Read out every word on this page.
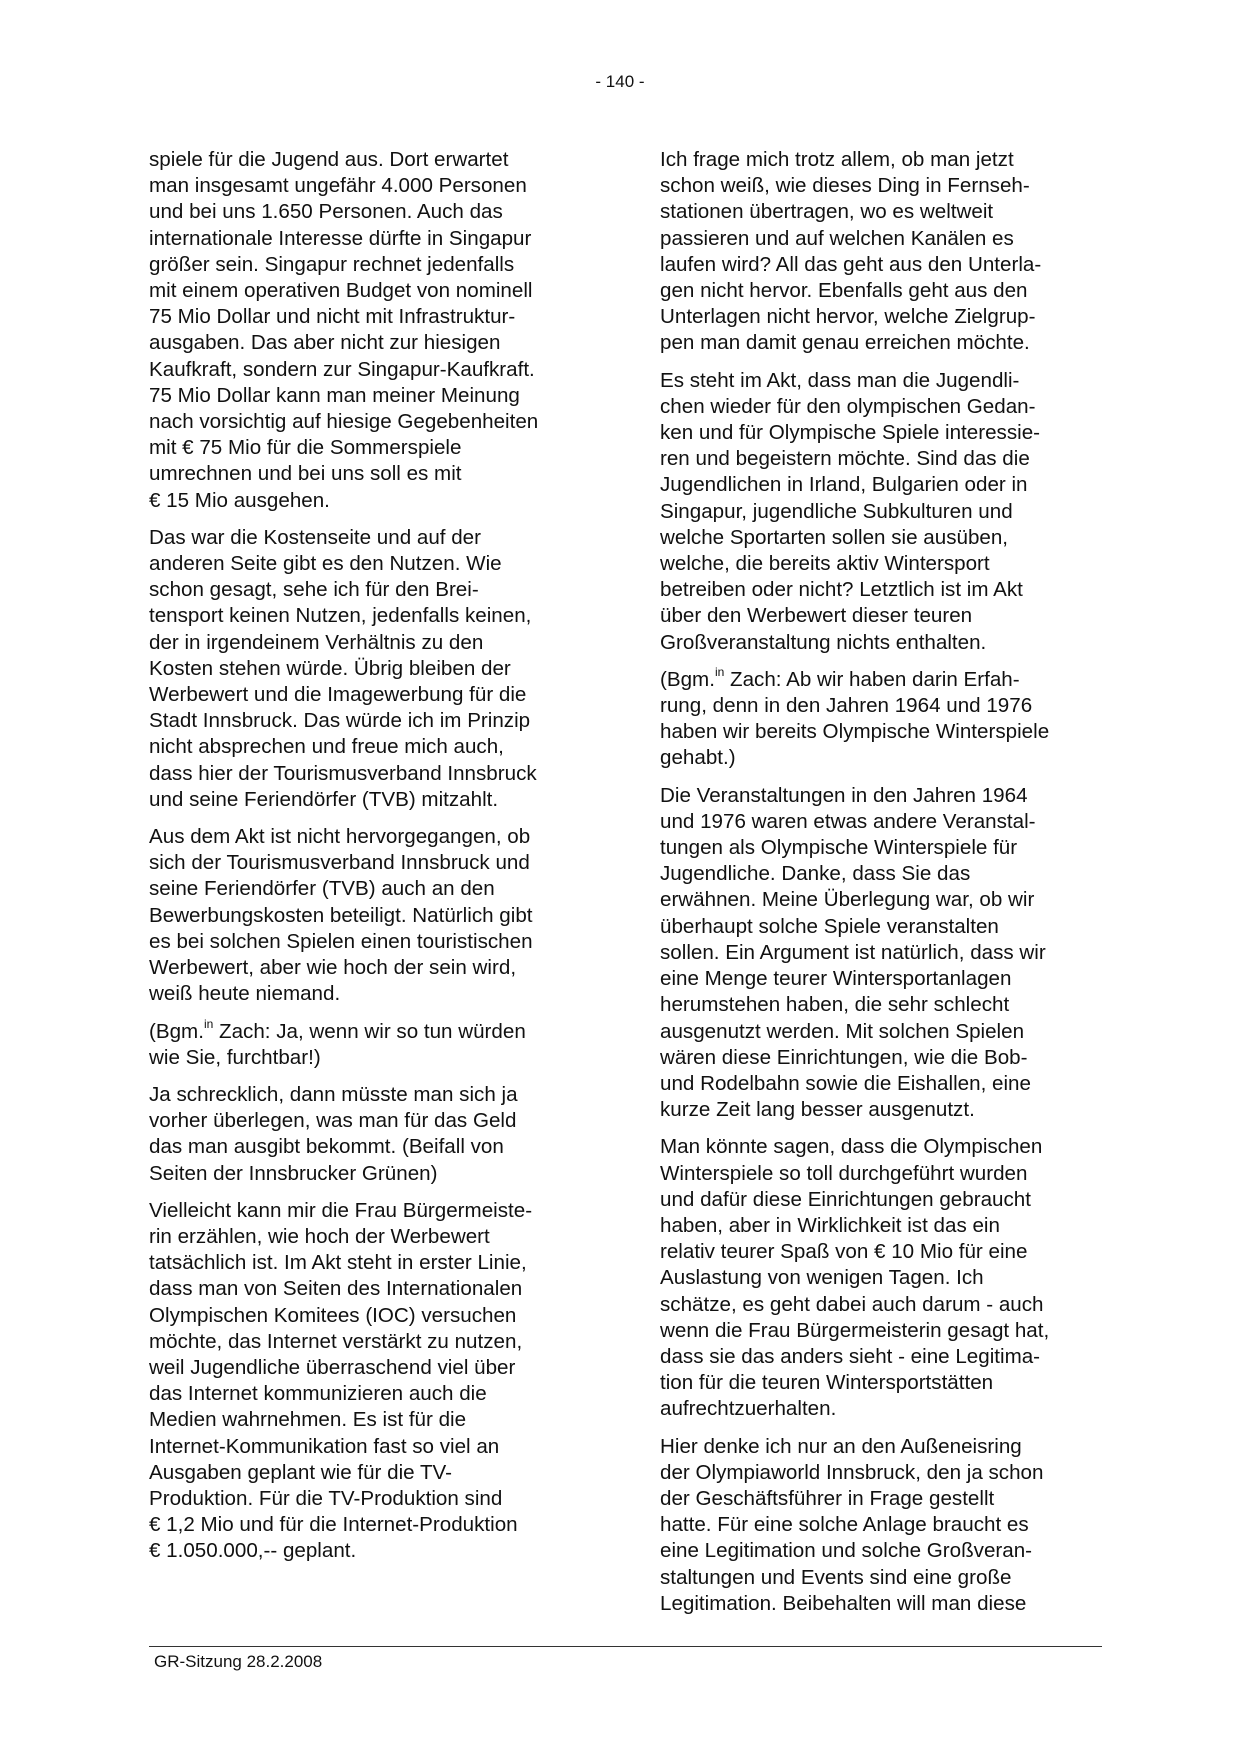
- 140 -
spiele für die Jugend aus. Dort erwartet
man insgesamt ungefähr 4.000 Personen
und bei uns 1.650 Personen. Auch das
internationale Interesse dürfte in Singapur
größer sein. Singapur rechnet jedenfalls
mit einem operativen Budget von nominell
75 Mio Dollar und nicht mit Infrastruktur-
ausgaben. Das aber nicht zur hiesigen
Kaufkraft, sondern zur Singapur-Kaufkraft.
75 Mio Dollar kann man meiner Meinung
nach vorsichtig auf hiesige Gegebenheiten
mit € 75 Mio für die Sommerspiele
umrechnen und bei uns soll es mit
€ 15 Mio ausgehen.
Das war die Kostenseite und auf der
anderen Seite gibt es den Nutzen. Wie
schon gesagt, sehe ich für den Brei-
tensport keinen Nutzen, jedenfalls keinen,
der in irgendeinem Verhältnis zu den
Kosten stehen würde. Übrig bleiben der
Werbewert und die Imagewerbung für die
Stadt Innsbruck. Das würde ich im Prinzip
nicht absprechen und freue mich auch,
dass hier der Tourismusverband Innsbruck
und seine Feriendörfer (TVB) mitzahlt.
Aus dem Akt ist nicht hervorgegangen, ob
sich der Tourismusverband Innsbruck und
seine Feriendörfer (TVB) auch an den
Bewerbungskosten beteiligt. Natürlich gibt
es bei solchen Spielen einen touristischen
Werbewert, aber wie hoch der sein wird,
weiß heute niemand.
(Bgm.$^{in}$ Zach: Ja, wenn wir so tun würden
wie Sie, furchtbar!)
Ja schrecklich, dann müsste man sich ja
vorher überlegen, was man für das Geld
das man ausgibt bekommt. (Beifall von
Seiten der Innsbrucker Grünen)
Vielleicht kann mir die Frau Bürgermeiste-
rin erzählen, wie hoch der Werbewert
tatsächlich ist. Im Akt steht in erster Linie,
dass man von Seiten des Internationalen
Olympischen Komitees (IOC) versuchen
möchte, das Internet verstärkt zu nutzen,
weil Jugendliche überraschend viel über
das Internet kommunizieren auch die
Medien wahrnehmen. Es ist für die
Internet-Kommunikation fast so viel an
Ausgaben geplant wie für die TV-
Produktion. Für die TV-Produktion sind
€ 1,2 Mio und für die Internet-Produktion
€ 1.050.000,-- geplant.
Ich frage mich trotz allem, ob man jetzt
schon weiß, wie dieses Ding in Fernseh-
stationen übertragen, wo es weltweit
passieren und auf welchen Kanälen es
laufen wird? All das geht aus den Unterla-
gen nicht hervor. Ebenfalls geht aus den
Unterlagen nicht hervor, welche Zielgrup-
pen man damit genau erreichen möchte.
Es steht im Akt, dass man die Jugendli-
chen wieder für den olympischen Gedan-
ken und für Olympische Spiele interessie-
ren und begeistern möchte. Sind das die
Jugendlichen in Irland, Bulgarien oder in
Singapur, jugendliche Subkulturen und
welche Sportarten sollen sie ausüben,
welche, die bereits aktiv Wintersport
betreiben oder nicht? Letztlich ist im Akt
über den Werbewert dieser teuren
Großveranstaltung nichts enthalten.
(Bgm.$^{in}$ Zach: Ab wir haben darin Erfah-
rung, denn in den Jahren 1964 und 1976
haben wir bereits Olympische Winterspiele
gehabt.)
Die Veranstaltungen in den Jahren 1964
und 1976 waren etwas andere Veranstal-
tungen als Olympische Winterspiele für
Jugendliche. Danke, dass Sie das
erwähnen. Meine Überlegung war, ob wir
überhaupt solche Spiele veranstalten
sollen. Ein Argument ist natürlich, dass wir
eine Menge teurer Wintersportanlagen
herumstehen haben, die sehr schlecht
ausgenutzt werden. Mit solchen Spielen
wären diese Einrichtungen, wie die Bob-
und Rodelbahn sowie die Eishallen, eine
kurze Zeit lang besser ausgenutzt.
Man könnte sagen, dass die Olympischen
Winterspiele so toll durchgeführt wurden
und dafür diese Einrichtungen gebraucht
haben, aber in Wirklichkeit ist das ein
relativ teurer Spaß von € 10 Mio für eine
Auslastung von wenigen Tagen. Ich
schätze, es geht dabei auch darum - auch
wenn die Frau Bürgermeisterin gesagt hat,
dass sie das anders sieht - eine Legitima-
tion für die teuren Wintersportstätten
aufrechtzuerhalten.
Hier denke ich nur an den Außeneisring
der Olympiaworld Innsbruck, den ja schon
der Geschäftsführer in Frage gestellt
hatte. Für eine solche Anlage braucht es
eine Legitimation und solche Großveran-
staltungen und Events sind eine große
Legitimation. Beibehalten will man diese
GR-Sitzung 28.2.2008
